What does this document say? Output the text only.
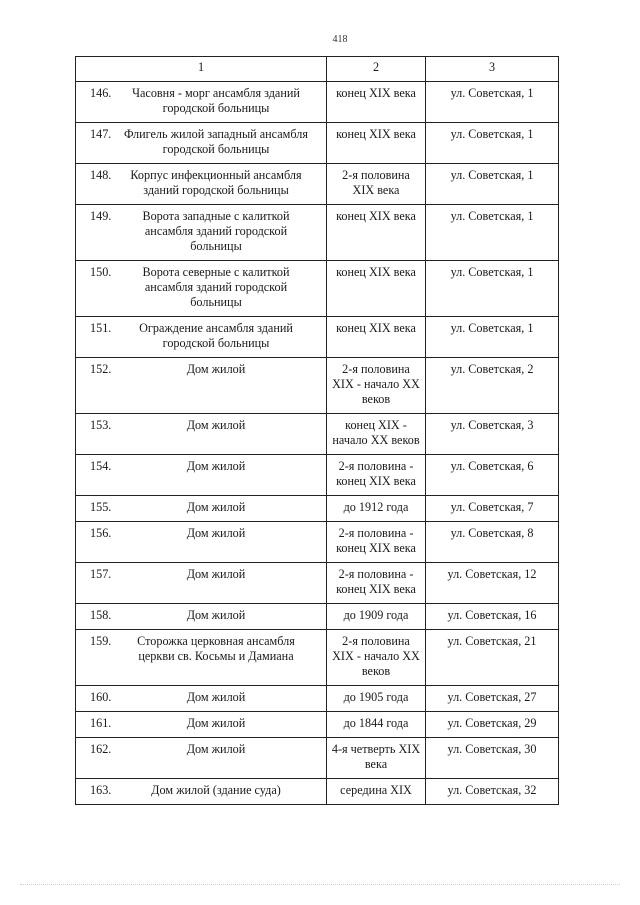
418
1	2	3
146. Часовня - морг ансамбля зданий городской больницы	конец XIX века	ул. Советская, 1
147. Флигель жилой западный ансамбля городской больницы	конец XIX века	ул. Советская, 1
148. Корпус инфекционный ансамбля зданий городской больницы	2-я половина XIX века	ул. Советская, 1
149. Ворота западные с калиткой ансамбля зданий городской больницы	конец XIX века	ул. Советская, 1
150. Ворота северные с калиткой ансамбля зданий городской больницы	конец XIX века	ул. Советская, 1
151. Ограждение ансамбля зданий городской больницы	конец XIX века	ул. Советская, 1
152. Дом жилой	2-я половина XIX - начало XX веков	ул. Советская, 2
153. Дом жилой	конец XIX - начало XX веков	ул. Советская, 3
154. Дом жилой	2-я половина - конец XIX века	ул. Советская, 6
155. Дом жилой	до 1912 года	ул. Советская, 7
156. Дом жилой	2-я половина - конец XIX века	ул. Советская, 8
157. Дом жилой	2-я половина - конец XIX века	ул. Советская, 12
158. Дом жилой	до 1909 года	ул. Советская, 16
159. Сторожка церковная ансамбля церкви св. Косьмы и Дамиана	2-я половина XIX - начало XX веков	ул. Советская, 21
160. Дом жилой	до 1905 года	ул. Советская, 27
161. Дом жилой	до 1844 года	ул. Советская, 29
162. Дом жилой	4-я четверть XIX века	ул. Советская, 30
163. Дом жилой (здание суда)	середина XIX	ул. Советская, 32
